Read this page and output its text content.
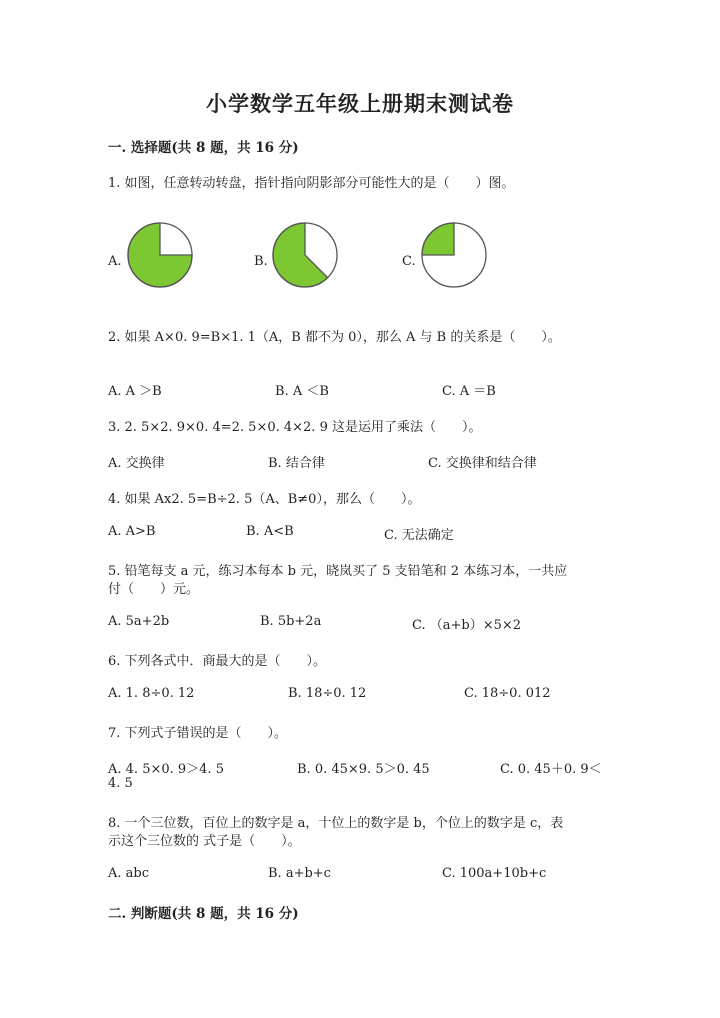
小学数学五年级上册期末测试卷
一. 选择题(共 8 题，共 16 分)
1. 如图，任意转动转盘，指针指向阴影部分可能性大的是（　　）图。
A.	B.	C.
2. 如果 A×0. 9=B×1. 1（A，B 都不为 0），那么 A 与 B 的关系是（　　）。
A. A ＞B	B. A ＜B	C. A ＝B
3. 2. 5×2. 9×0. 4=2. 5×0. 4×2. 9 这是运用了乘法（　　）。
A. 交换律	B. 结合律	C. 交换律和结合律
4. 如果 Ax2. 5=B÷2. 5（A、B≠0），那么（　　）。
A. A>B	B. A<B	C. 无法确定
5. 铅笔每支 a 元，练习本每本 b 元，晓岚买了 5 支铅笔和 2 本练习本，一共应
付（　　）元。
A. 5a+2b	B. 5b+2a	C. （a+b）×5×2
6. 下列各式中．商最大的是（　　）。
A. 1. 8÷0. 12	B. 18÷0. 12	C. 18÷0. 012
7. 下列式子错误的是（　　）。
A. 4. 5×0. 9＞4. 5	B. 0. 45×9. 5＞0. 45	C. 0. 45＋0. 9＜
4. 5
8. 一个三位数，百位上的数字是 a，十位上的数字是 b，个位上的数字是 c，表
示这个三位数的 式子是（　　）。
A. abc	B. a+b+c	C. 100a+10b+c
二. 判断题(共 8 题，共 16 分)
